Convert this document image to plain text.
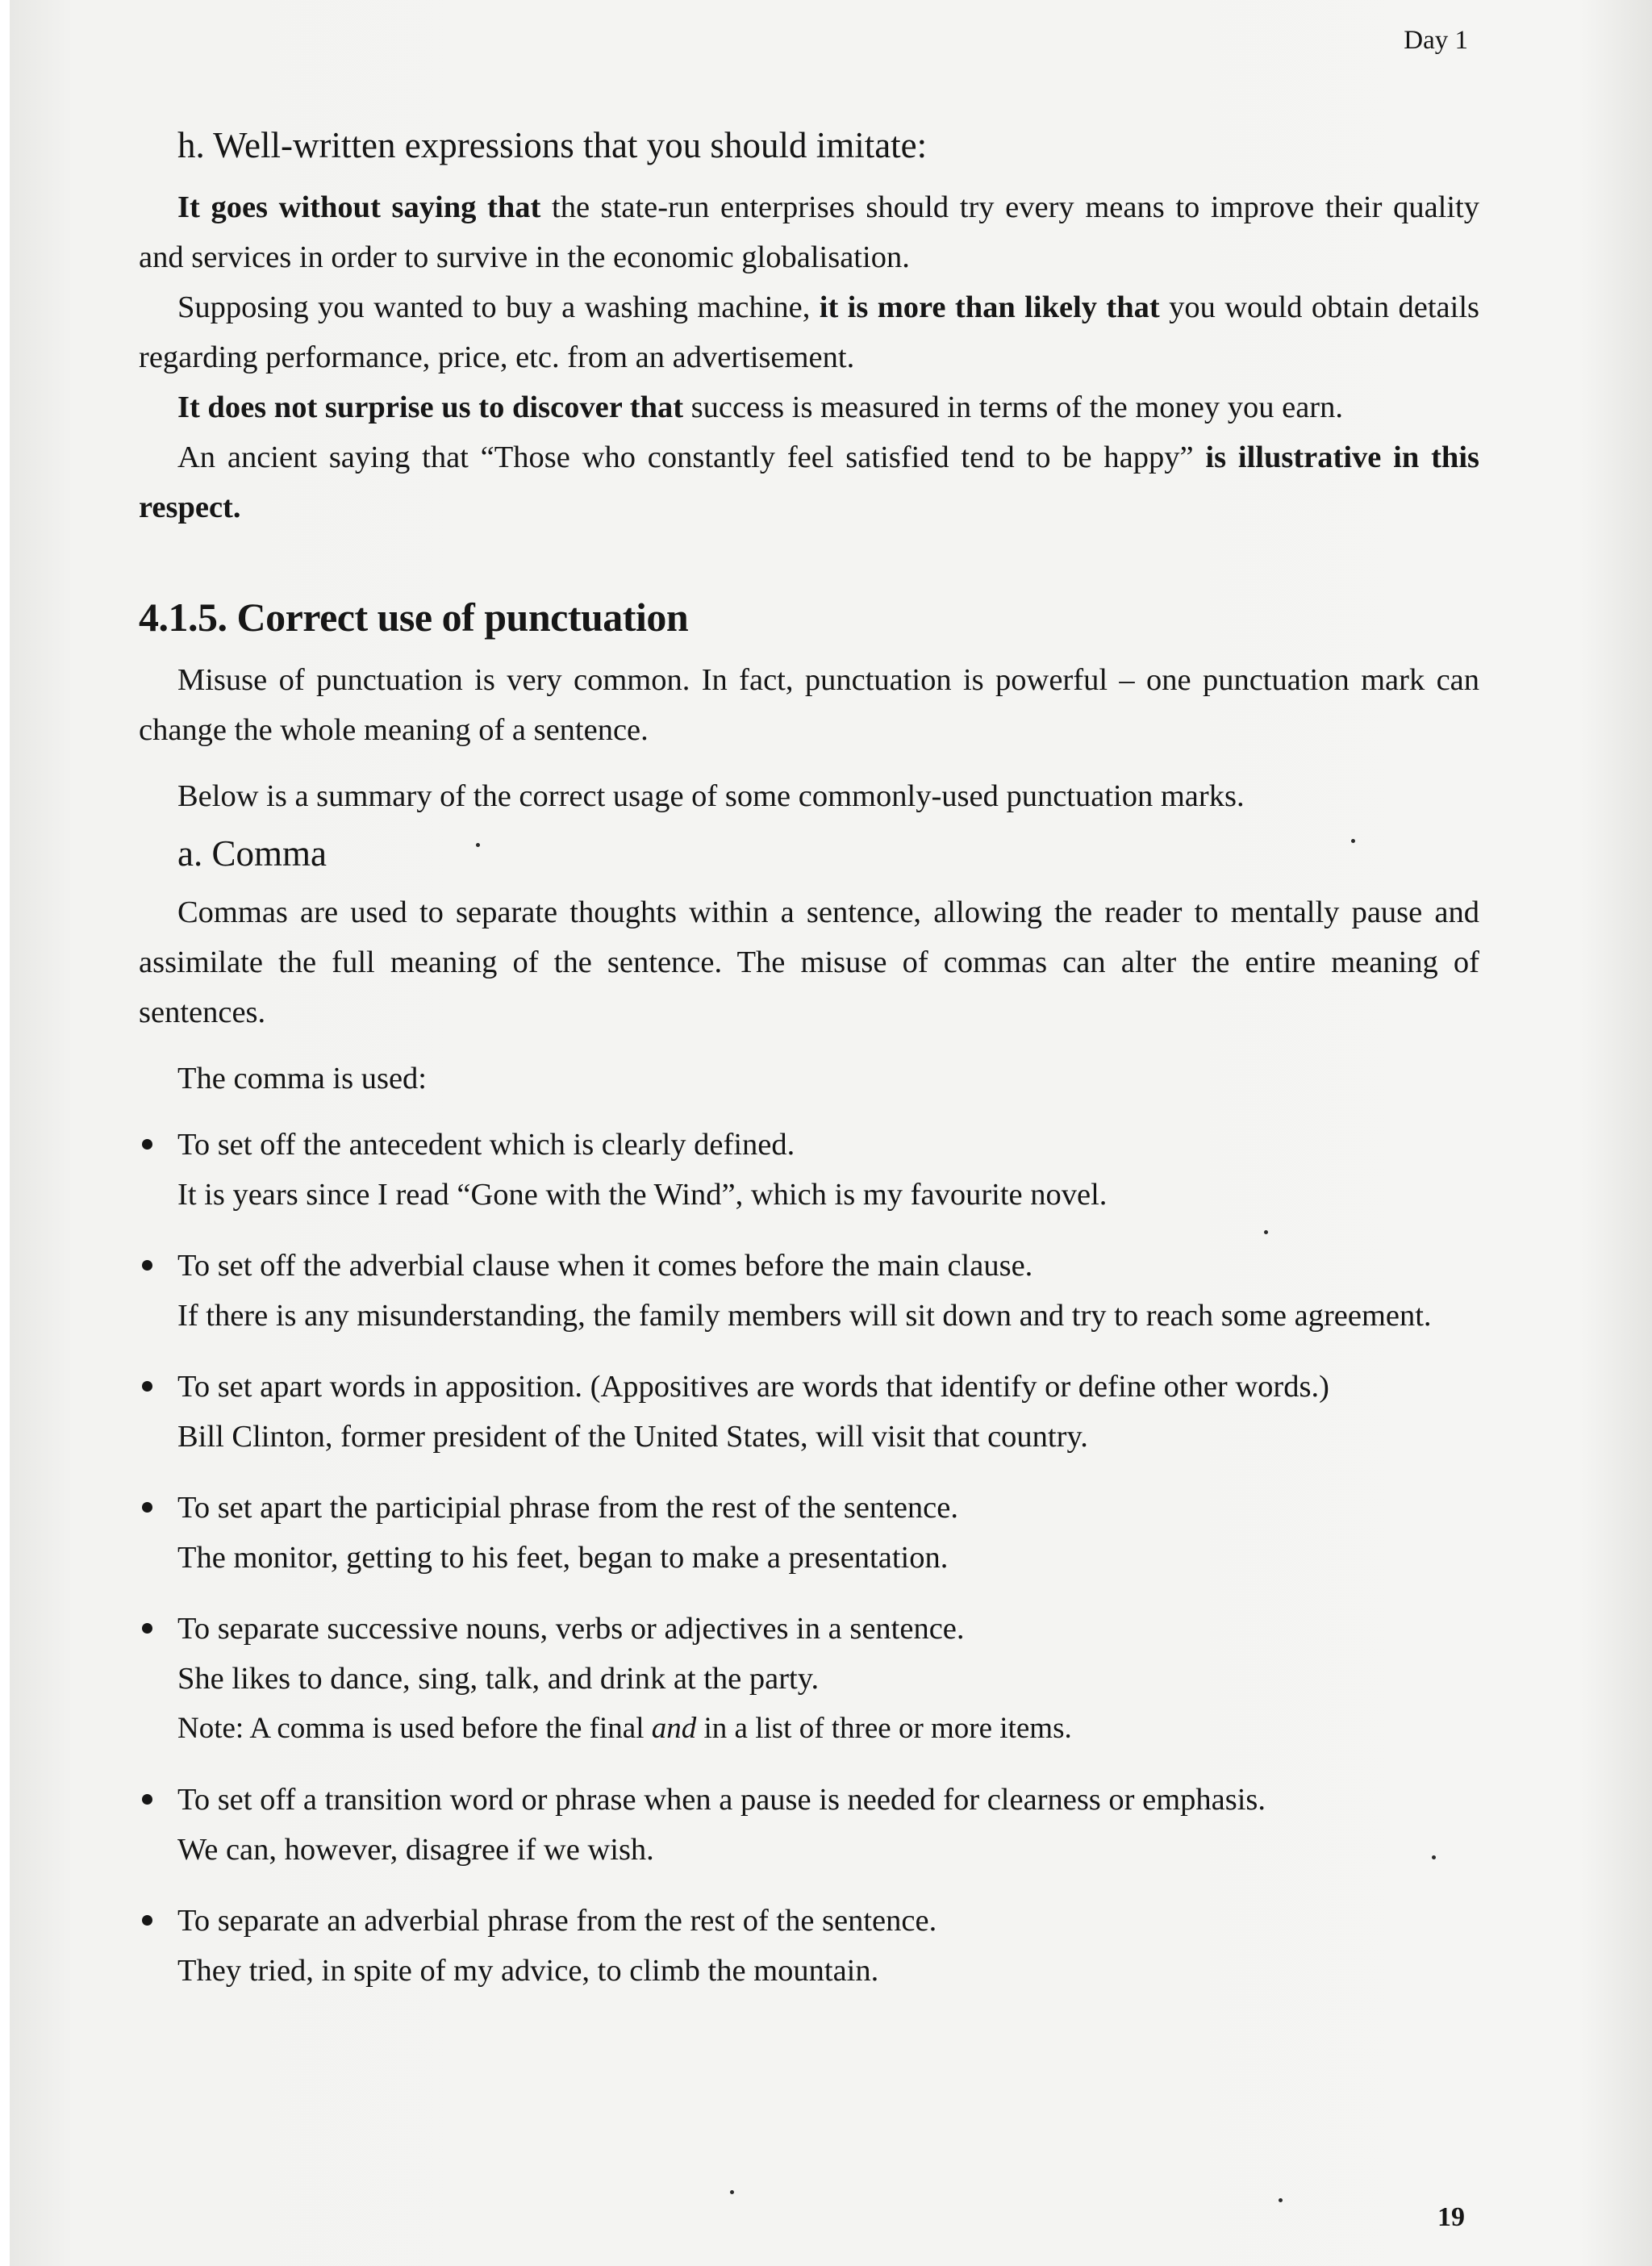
Day 1
h. Well-written expressions that you should imitate:

It goes without saying that the state-run enterprises should try every means to improve their quality and services in order to survive in the economic globalisation.

Supposing you wanted to buy a washing machine, it is more than likely that you would obtain details regarding performance, price, etc. from an advertisement.

It does not surprise us to discover that success is measured in terms of the money you earn.

An ancient saying that “Those who constantly feel satisfied tend to be happy” is illustrative in this respect.

4.1.5. Correct use of punctuation

Misuse of punctuation is very common. In fact, punctuation is powerful – one punctuation mark can change the whole meaning of a sentence.

Below is a summary of the correct usage of some commonly-used punctuation marks.

a. Comma

Commas are used to separate thoughts within a sentence, allowing the reader to mentally pause and assimilate the full meaning of the sentence. The misuse of commas can alter the entire meaning of sentences.

The comma is used:

To set off the antecedent which is clearly defined.
It is years since I read “Gone with the Wind”, which is my favourite novel.
To set off the adverbial clause when it comes before the main clause.
If there is any misunderstanding, the family members will sit down and try to reach some agreement.
To set apart words in apposition. (Appositives are words that identify or define other words.)
Bill Clinton, former president of the United States, will visit that country.
To set apart the participial phrase from the rest of the sentence.
The monitor, getting to his feet, began to make a presentation.
To separate successive nouns, verbs or adjectives in a sentence.
She likes to dance, sing, talk, and drink at the party.
Note: A comma is used before the final and in a list of three or more items.
To set off a transition word or phrase when a pause is needed for clearness or emphasis.
We can, however, disagree if we wish.
To separate an adverbial phrase from the rest of the sentence.
They tried, in spite of my advice, to climb the mountain.
19
